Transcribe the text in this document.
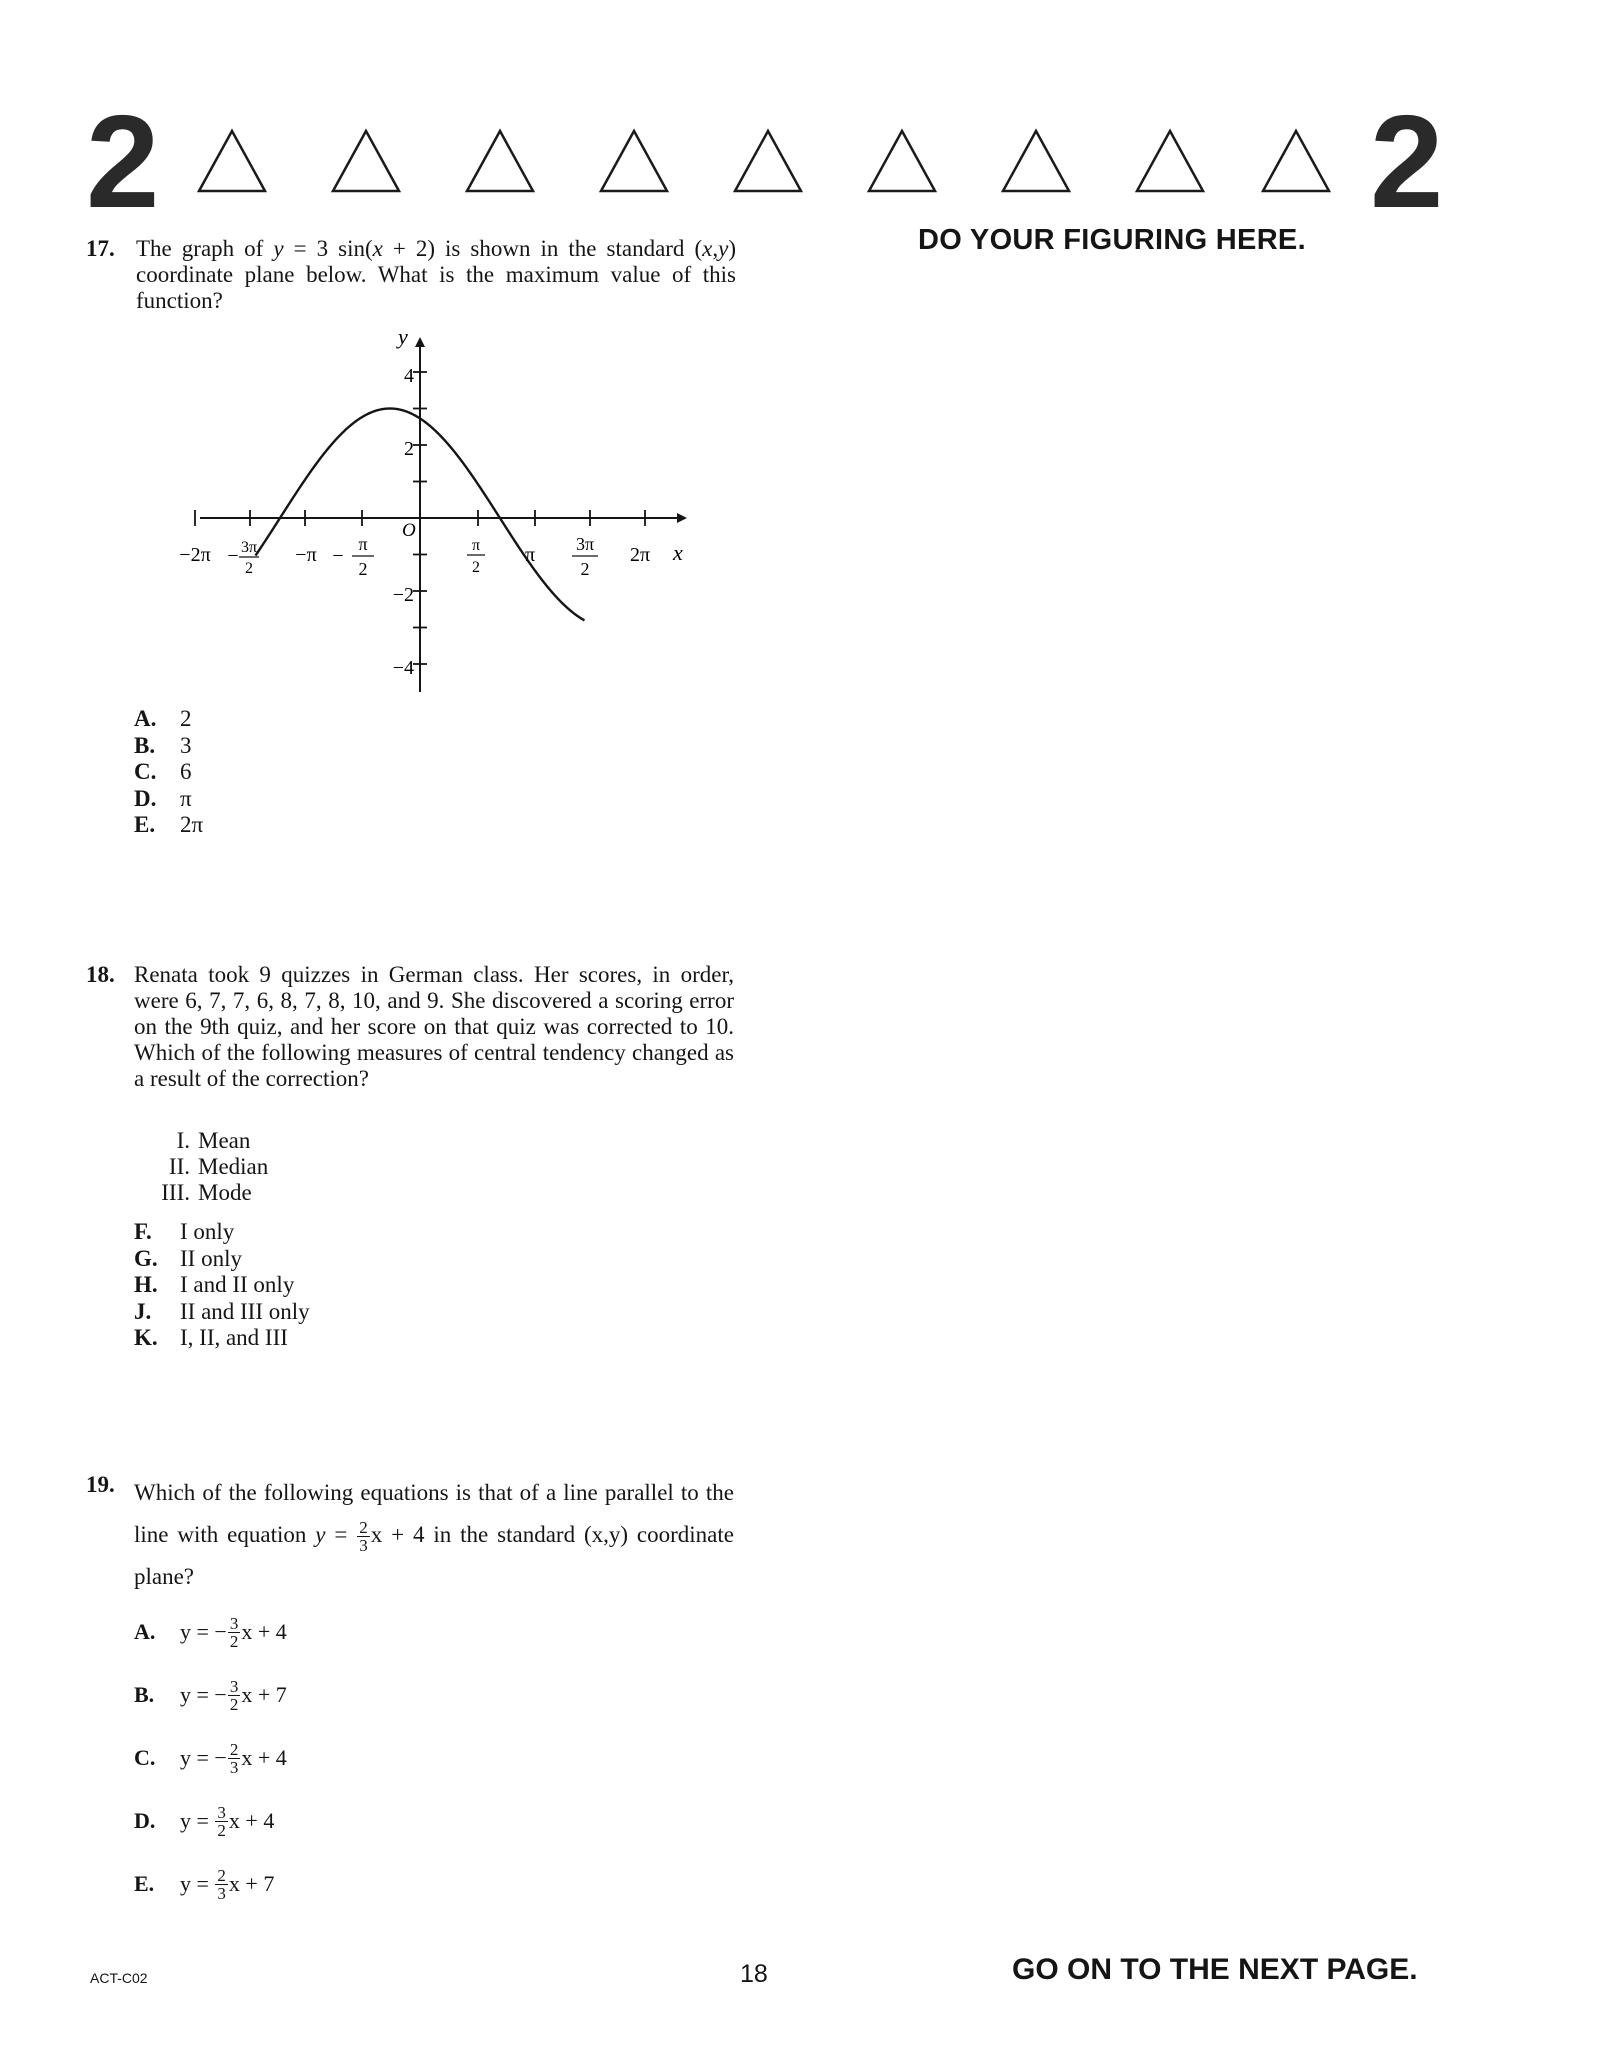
2	2
DO YOUR FIGURING HERE.
17. The graph of y = 3 sin(x + 2) is shown in the standard (x,y) coordinate plane below. What is the maximum value of this function?
y
x
O
4
2
−2
−4
−2π − 3π
2
−π −
π
2
π
2
π 3π
2
2π
A. 2
B. 3
C. 6
D. π
E. 2π
18. Renata took 9 quizzes in German class. Her scores, in order, were 6, 7, 7, 6, 8, 7, 8, 10, and 9. She discovered a scoring error on the 9th quiz, and her score on that quiz was corrected to 10. Which of the following measures of central tendency changed as a result of the correction?
I. Mean
II. Median
III. Mode
F. I only
G. II only
H. I and II only
J. II and III only
K. I, II, and III
19. Which of the following equations is that of a line parallel to the line with equation $y = \frac{2}{3}$ x + 4 in the standard (x,y) coordinate plane?
A.	y = − $\frac{3}{2}$ x + 4
B.	y = − $\frac{3}{2}$ x + 7
C.	y = − $\frac{2}{3}$ x + 4
D.	$y = \frac{3}{2}$ x + 4
E.	$y = \frac{2}{3}$ x + 7
ACT-C02	18	GO ON TO THE NEXT PAGE.
